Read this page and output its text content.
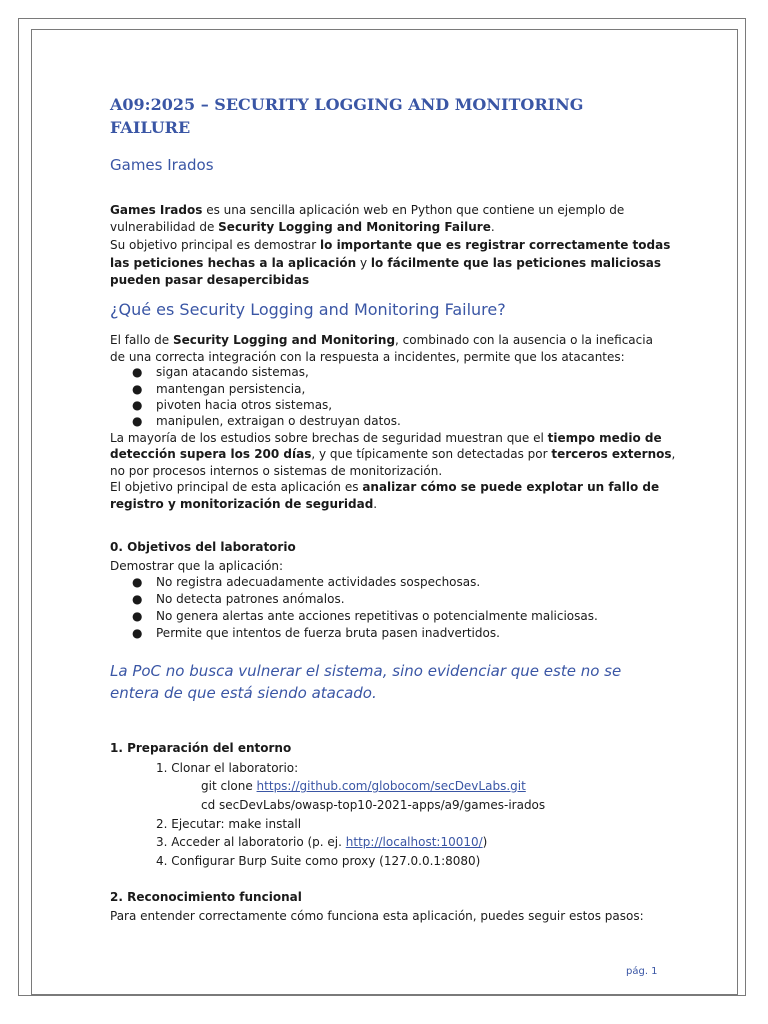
A09:2025 – SECURITY LOGGING AND MONITORING FAILURE
Games Irados
Games Irados es una sencilla aplicación web en Python que contiene un ejemplo de
vulnerabilidad de Security Logging and Monitoring Failure.
Su objetivo principal es demostrar lo importante que es registrar correctamente todas
las peticiones hechas a la aplicación y lo fácilmente que las peticiones maliciosas
pueden pasar desapercibidas
¿Qué es Security Logging and Monitoring Failure?
El fallo de Security Logging and Monitoring, combinado con la ausencia o la ineficacia
de una correcta integración con la respuesta a incidentes, permite que los atacantes:
● sigan atacando sistemas,
● mantengan persistencia,
● pivoten hacia otros sistemas,
● manipulen, extraigan o destruyan datos.
La mayoría de los estudios sobre brechas de seguridad muestran que el tiempo medio de
detección supera los 200 días, y que típicamente son detectadas por terceros externos,
no por procesos internos o sistemas de monitorización.
El objetivo principal de esta aplicación es analizar cómo se puede explotar un fallo de
registro y monitorización de seguridad.
0. Objetivos del laboratorio
Demostrar que la aplicación:
● No registra adecuadamente actividades sospechosas.
● No detecta patrones anómalos.
● No genera alertas ante acciones repetitivas o potencialmente maliciosas.
● Permite que intentos de fuerza bruta pasen inadvertidos.
La PoC no busca vulnerar el sistema, sino evidenciar que este no se entera de que está siendo atacado.
1. Preparación del entorno
1. Clonar el laboratorio:
git clone https://github.com/globocom/secDevLabs.git
cd secDevLabs/owasp-top10-2021-apps/a9/games-irados
2. Ejecutar: make install
3. Acceder al laboratorio (p. ej. http://localhost:10010/)
4. Configurar Burp Suite como proxy (127.0.0.1:8080)
2. Reconocimiento funcional
Para entender correctamente cómo funciona esta aplicación, puedes seguir estos pasos:
pág. 1
